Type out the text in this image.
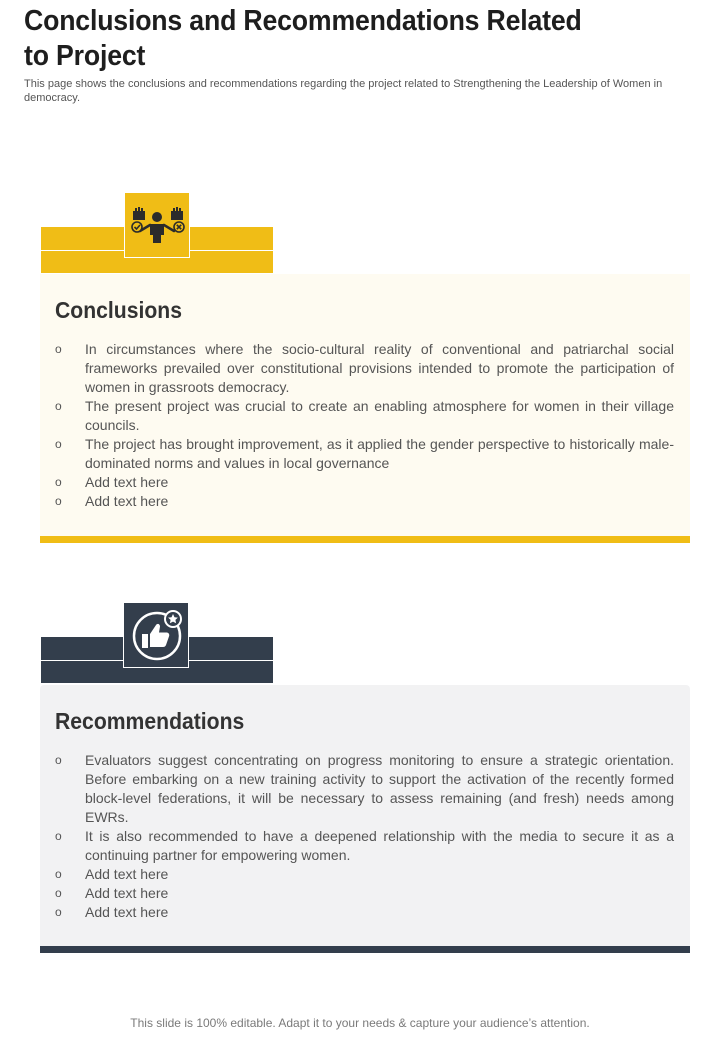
Conclusions and Recommendations Related to Project
This page shows the conclusions and recommendations regarding the project related to Strengthening the Leadership of Women in democracy.
Conclusions
o In circumstances where the socio-cultural reality of conventional and patriarchal social frameworks prevailed over constitutional provisions intended to promote the participation of women in grassroots democracy.
o The present project was crucial to create an enabling atmosphere for women in their village councils.
o The project has brought improvement, as it applied the gender perspective to historically male-dominated norms and values in local governance
o Add text here
o Add text here
Recommendations
o Evaluators suggest concentrating on progress monitoring to ensure a strategic orientation. Before embarking on a new training activity to support the activation of the recently formed block-level federations, it will be necessary to assess remaining (and fresh) needs among EWRs.
o It is also recommended to have a deepened relationship with the media to secure it as a continuing partner for empowering women.
o Add text here
o Add text here
o Add text here
This slide is 100% editable. Adapt it to your needs & capture your audience’s attention.
